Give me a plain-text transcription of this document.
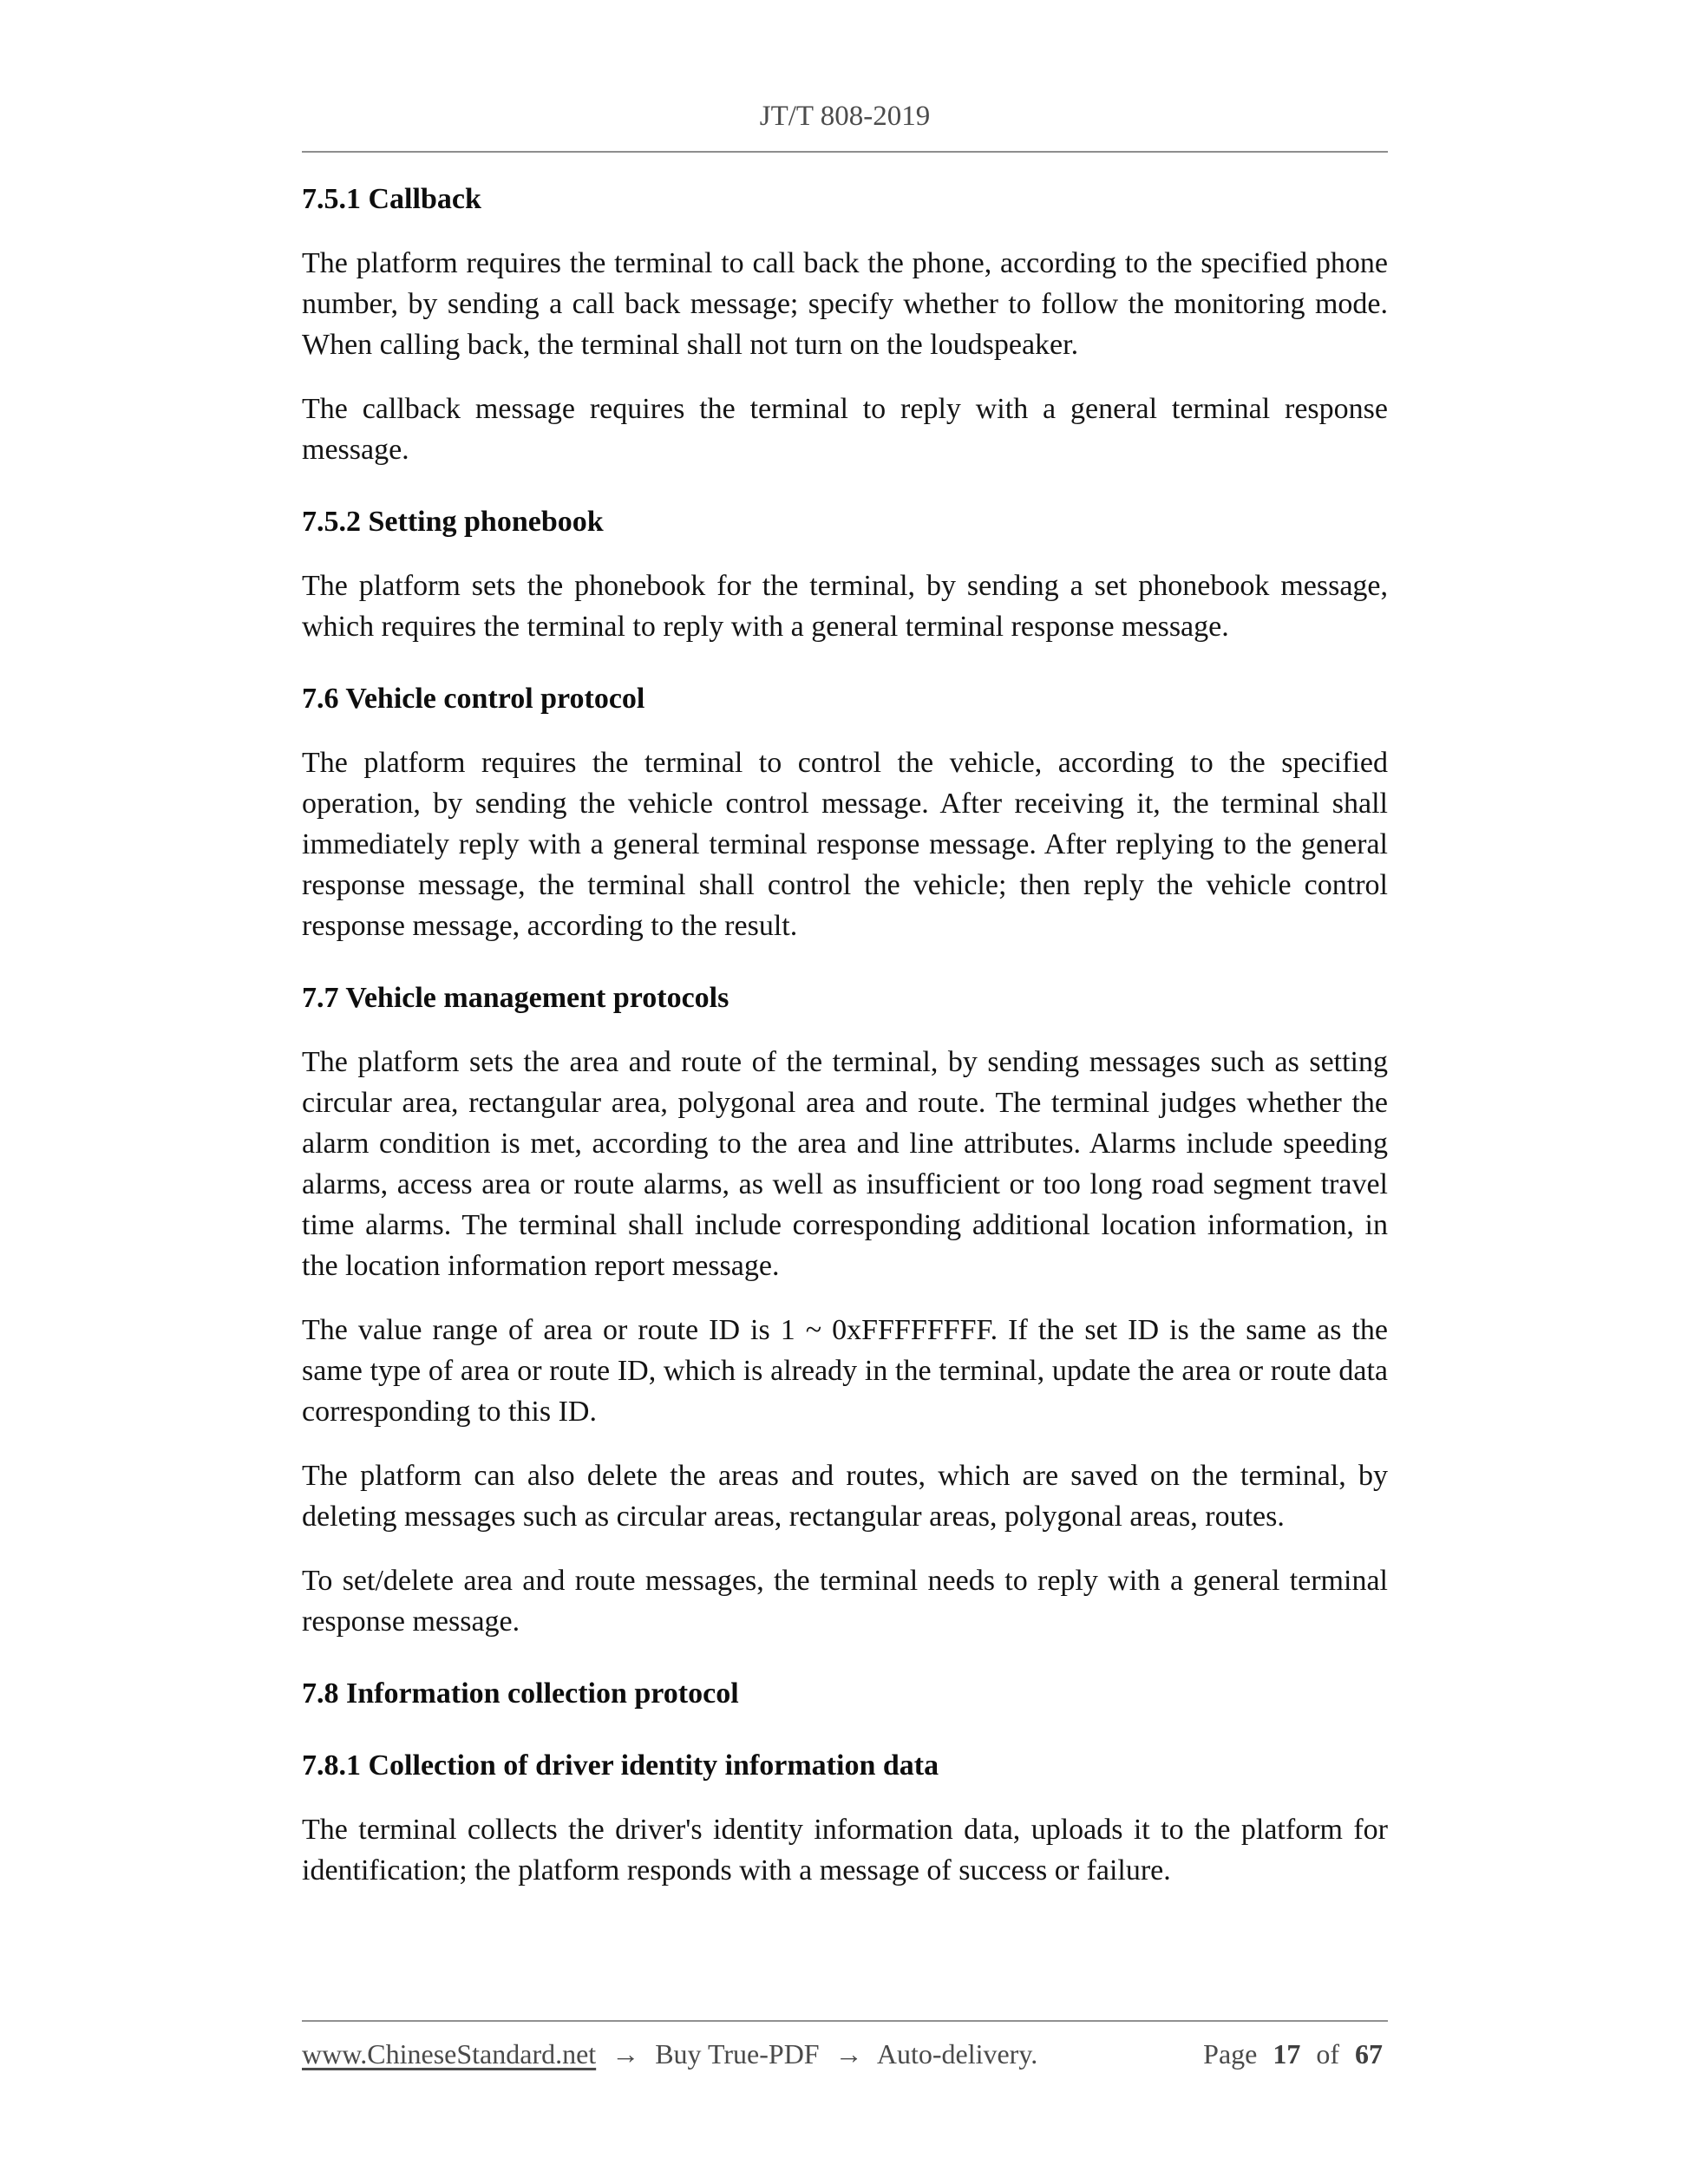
JT/T 808-2019
7.5.1 Callback

The platform requires the terminal to call back the phone, according to the specified phone number, by sending a call back message; specify whether to follow the monitoring mode. When calling back, the terminal shall not turn on the loudspeaker.

The callback message requires the terminal to reply with a general terminal response message.

7.5.2 Setting phonebook

The platform sets the phonebook for the terminal, by sending a set phonebook message, which requires the terminal to reply with a general terminal response message.

7.6 Vehicle control protocol

The platform requires the terminal to control the vehicle, according to the specified operation, by sending the vehicle control message. After receiving it, the terminal shall immediately reply with a general terminal response message. After replying to the general response message, the terminal shall control the vehicle; then reply the vehicle control response message, according to the result.

7.7 Vehicle management protocols

The platform sets the area and route of the terminal, by sending messages such as setting circular area, rectangular area, polygonal area and route. The terminal judges whether the alarm condition is met, according to the area and line attributes. Alarms include speeding alarms, access area or route alarms, as well as insufficient or too long road segment travel time alarms. The terminal shall include corresponding additional location information, in the location information report message.

The value range of area or route ID is 1 ~ 0xFFFFFFFF. If the set ID is the same as the same type of area or route ID, which is already in the terminal, update the area or route data corresponding to this ID.

The platform can also delete the areas and routes, which are saved on the terminal, by deleting messages such as circular areas, rectangular areas, polygonal areas, routes.

To set/delete area and route messages, the terminal needs to reply with a general terminal response message.

7.8 Information collection protocol
7.8.1 Collection of driver identity information data

The terminal collects the driver's identity information data, uploads it to the platform for identification; the platform responds with a message of success or failure.

www.ChineseStandard.net → Buy True-PDF → Auto-delivery.	Page 17 of 67
